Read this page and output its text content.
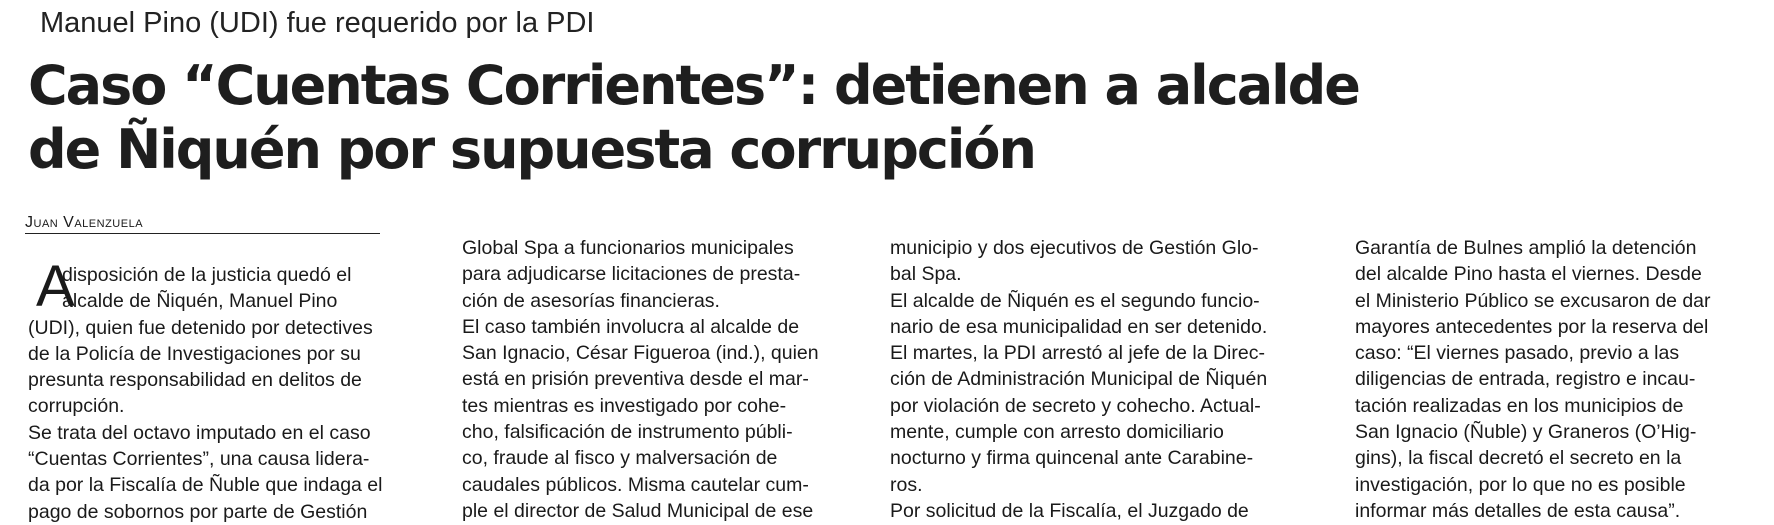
Manuel Pino (UDI) fue requerido por la PDI
Caso “Cuentas Corrientes”: detienen a alcalde
de Ñiquén por supuesta corrupción
Juan Valenzuela
A
disposición de la justicia quedó el
alcalde de Ñiquén, Manuel Pino
(UDI), quien fue detenido por detectives
de la Policía de Investigaciones por su
presunta responsabilidad en delitos de
corrupción.
Se trata del octavo imputado en el caso
“Cuentas Corrientes”, una causa lidera-
da por la Fiscalía de Ñuble que indaga el
pago de sobornos por parte de Gestión
Global Spa a funcionarios municipales
para adjudicarse licitaciones de presta-
ción de asesorías financieras.
El caso también involucra al alcalde de
San Ignacio, César Figueroa (ind.), quien
está en prisión preventiva desde el mar-
tes mientras es investigado por cohe-
cho, falsificación de instrumento públi-
co, fraude al fisco y malversación de
caudales públicos. Misma cautelar cum-
ple el director de Salud Municipal de ese
municipio y dos ejecutivos de Gestión Glo-
bal Spa.
El alcalde de Ñiquén es el segundo funcio-
nario de esa municipalidad en ser detenido.
El martes, la PDI arrestó al jefe de la Direc-
ción de Administración Municipal de Ñiquén
por violación de secreto y cohecho. Actual-
mente, cumple con arresto domiciliario
nocturno y firma quincenal ante Carabine-
ros.
Por solicitud de la Fiscalía, el Juzgado de
Garantía de Bulnes amplió la detención
del alcalde Pino hasta el viernes. Desde
el Ministerio Público se excusaron de dar
mayores antecedentes por la reserva del
caso: “El viernes pasado, previo a las
diligencias de entrada, registro e incau-
tación realizadas en los municipios de
San Ignacio (Ñuble) y Graneros (O’Hig-
gins), la fiscal decretó el secreto en la
investigación, por lo que no es posible
informar más detalles de esta causa”.
